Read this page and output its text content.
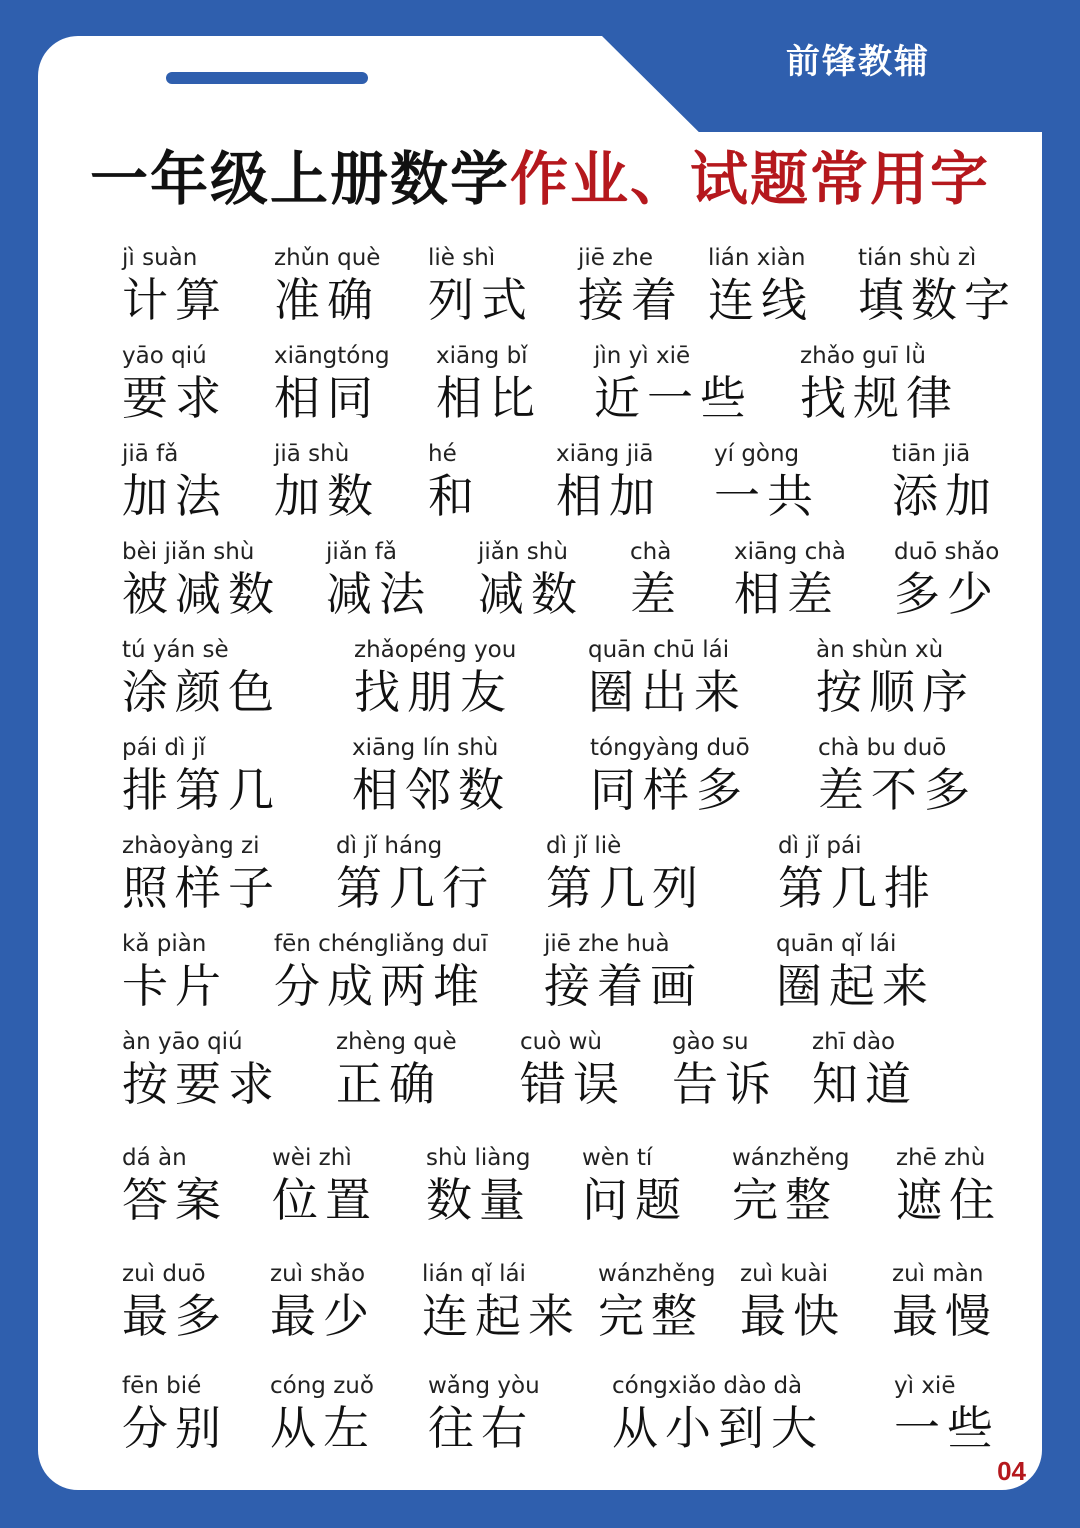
前锋教辅
一年级上册数学作业、试题常用字
jì suàn
计算
zhǔn què
准确
liè shì
列式
jiē zhe
接着
lián xiàn
连线
tián shù zì
填数字
yāo qiú
要求
xiāngtóng
相同
xiāng bǐ
相比
jìn yì xiē
近一些
zhǎo guī lǜ
找规律
jiā fǎ
加法
jiā shù
加数
hé
和
xiāng jiā
相加
yí gòng
一共
tiān jiā
添加
bèi jiǎn shù
被减数
jiǎn fǎ
减法
jiǎn shù
减数
chà
差
xiāng chà
相差
duō shǎo
多少
tú yán sè
涂颜色
zhǎopéng you
找朋友
quān chū lái
圈出来
àn shùn xù
按顺序
pái dì jǐ
排第几
xiāng lín shù
相邻数
tóngyàng duō
同样多
chà bu duō
差不多
zhàoyàng zi
照样子
dì jǐ háng
第几行
dì jǐ liè
第几列
dì jǐ pái
第几排
kǎ piàn
卡片
fēn chéngliǎng duī
分成两堆
jiē zhe huà
接着画
quān qǐ lái
圈起来
àn yāo qiú
按要求
zhèng què
正确
cuò wù
错误
gào su
告诉
zhī dào
知道
dá àn
答案
wèi zhì
位置
shù liàng
数量
wèn tí
问题
wánzhěng
完整
zhē zhù
遮住
zuì duō
最多
zuì shǎo
最少
lián qǐ lái
连起来
wánzhěng
完整
zuì kuài
最快
zuì màn
最慢
fēn bié
分别
cóng zuǒ
从左
wǎng yòu
往右
cóngxiǎo dào dà
从小到大
yì xiē
一些
04
